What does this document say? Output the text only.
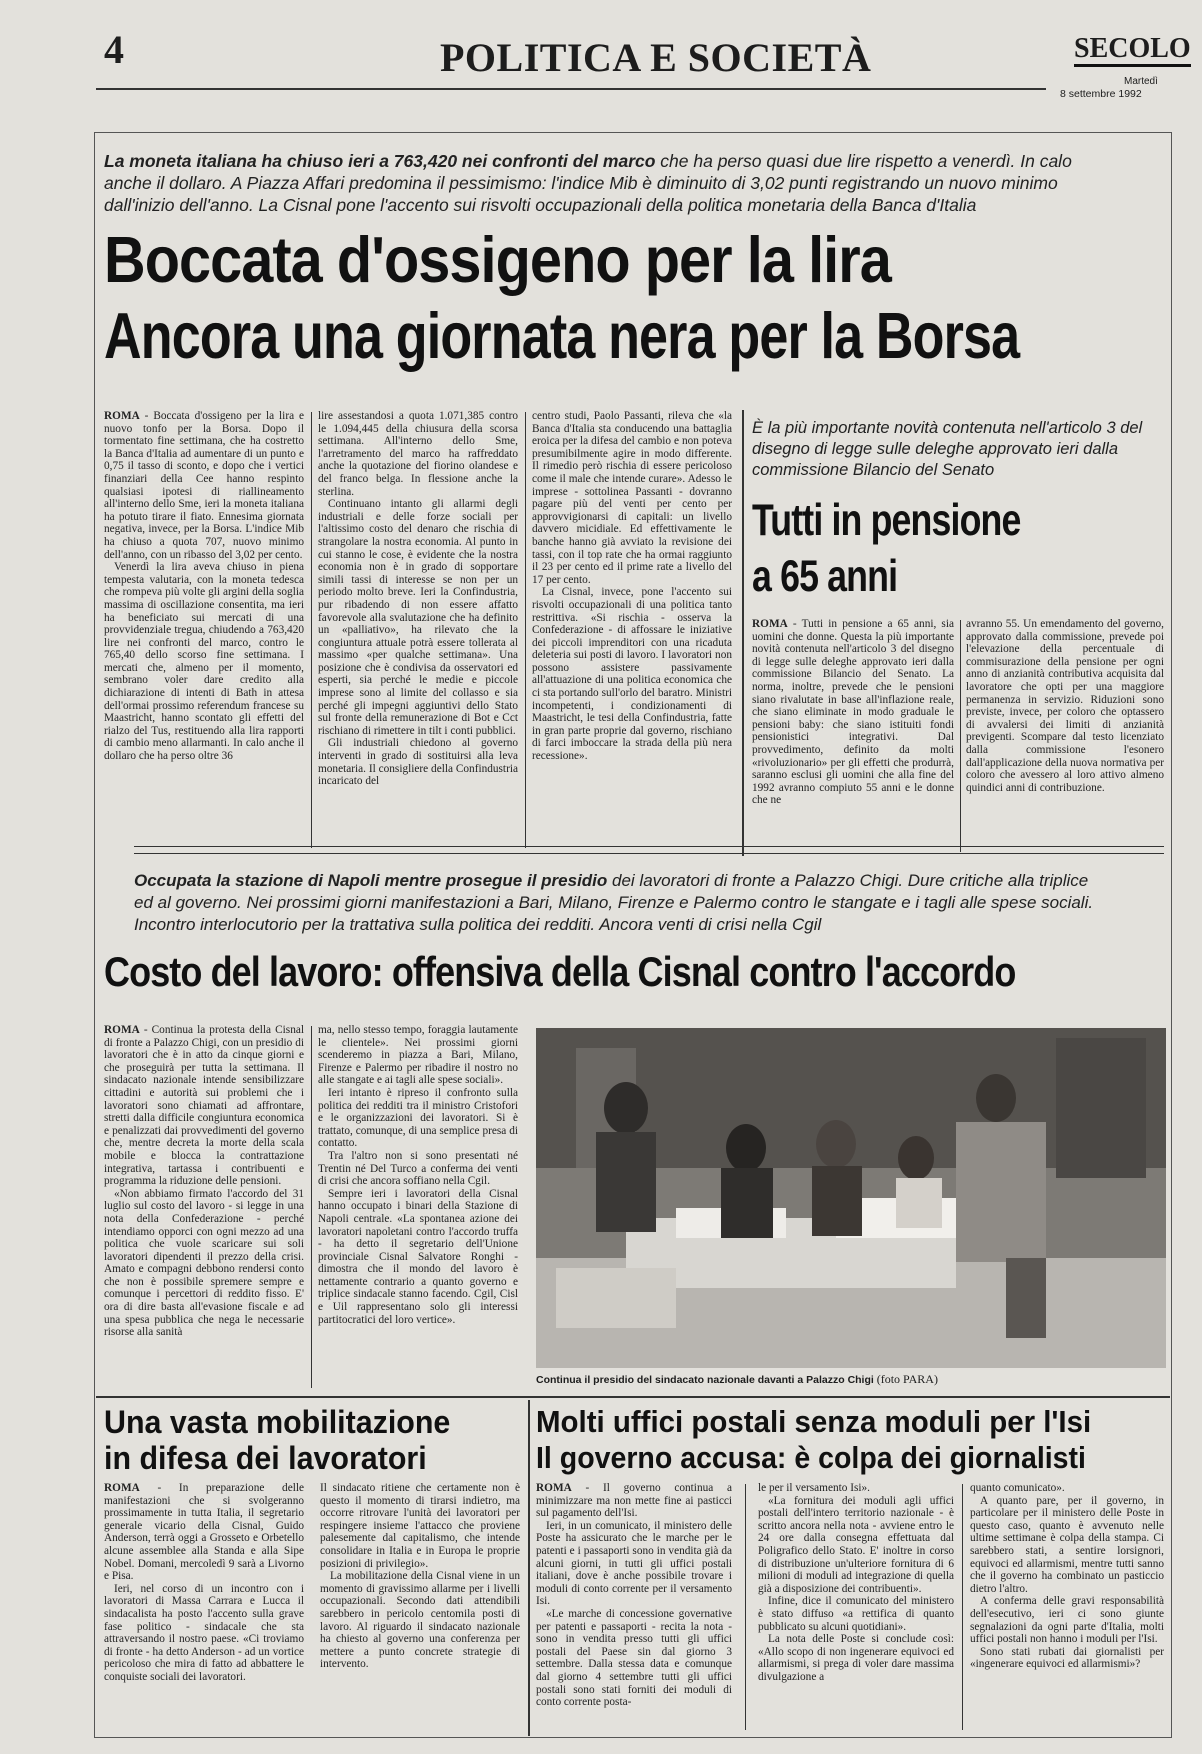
4	POLITICA E SOCIETÀ	SECOLO
Martedì
8 settembre 1992
La moneta italiana ha chiuso ieri a 763,420 nei confronti del marco che ha perso quasi due lire rispetto a venerdì. In calo anche il dollaro. A Piazza Affari predomina il pessimismo: l'indice Mib è diminuito di 3,02 punti registrando un nuovo minimo dall'inizio dell'anno. La Cisnal pone l'accento sui risvolti occupazionali della politica monetaria della Banca d'Italia
Boccata d'ossigeno per la lira
Ancora una giornata nera per la Borsa

ROMA - Boccata d'ossigeno per la lira e nuovo tonfo per la Borsa. Dopo il tormentato fine settimana, che ha costretto la Banca d'Italia ad aumentare di un punto e 0,75 il tasso di sconto, e dopo che i vertici finanziari della Cee hanno respinto qualsiasi ipotesi di riallineamento all'interno dello Sme, ieri la moneta italiana ha potuto tirare il fiato. Ennesima giornata negativa, invece, per la Borsa. L'indice Mib ha chiuso a quota 707, nuovo minimo dell'anno, con un ribasso del 3,02 per cento.

Venerdì la lira aveva chiuso in piena tempesta valutaria, con la moneta tedesca che rompeva più volte gli argini della soglia massima di oscillazione consentita, ma ieri ha beneficiato sui mercati di una provvidenziale tregua, chiudendo a 763,420 lire nei confronti del marco, contro le 765,40 dello scorso fine settimana. I mercati che, almeno per il momento, sembrano voler dare credito alla dichiarazione di intenti di Bath in attesa dell'ormai prossimo referendum francese su Maastricht, hanno scontato gli effetti del rialzo del Tus, restituendo alla lira rapporti di cambio meno allarmanti. In calo anche il dollaro che ha perso oltre 36

lire assestandosi a quota 1.071,385 contro le 1.094,445 della chiusura della scorsa settimana. All'interno dello Sme, l'arretramento del marco ha raffreddato anche la quotazione del fiorino olandese e del franco belga. In flessione anche la sterlina.

Continuano intanto gli allarmi degli industriali e delle forze sociali per l'altissimo costo del denaro che rischia di strangolare la nostra economia. Al punto in cui stanno le cose, è evidente che la nostra economia non è in grado di sopportare simili tassi di interesse se non per un periodo molto breve. Ieri la Confindustria, pur ribadendo di non essere affatto favorevole alla svalutazione che ha definito un «palliativo», ha rilevato che la congiuntura attuale potrà essere tollerata al massimo «per qualche settimana». Una posizione che è condivisa da osservatori ed esperti, sia perché le medie e piccole imprese sono al limite del collasso e sia perché gli impegni aggiuntivi dello Stato sul fronte della remunerazione di Bot e Cct rischiano di rimettere in tilt i conti pubblici.

Gli industriali chiedono al governo interventi in grado di sostituirsi alla leva monetaria. Il consigliere della Confindustria incaricato del

centro studi, Paolo Passanti, rileva che «la Banca d'Italia sta conducendo una battaglia eroica per la difesa del cambio e non poteva presumibilmente agire in modo differente. Il rimedio però rischia di essere pericoloso come il male che intende curare». Adesso le imprese - sottolinea Passanti - dovranno pagare più del venti per cento per approvvigionarsi di capitali: un livello davvero micidiale. Ed effettivamente le banche hanno già avviato la revisione dei tassi, con il top rate che ha ormai raggiunto il 23 per cento ed il prime rate a livello del 17 per cento.

La Cisnal, invece, pone l'accento sui risvolti occupazionali di una politica tanto restrittiva. «Si rischia - osserva la Confederazione - di affossare le iniziative dei piccoli imprenditori con una ricaduta deleteria sui posti di lavoro. I lavoratori non possono assistere passivamente all'attuazione di una politica economica che ci sta portando sull'orlo del baratro. Ministri incompetenti, i condizionamenti di Maastricht, le tesi della Confindustria, fatte in gran parte proprie dal governo, rischiano di farci imboccare la strada della più nera recessione».

È la più importante novità contenuta nell'articolo 3 del disegno di legge sulle deleghe approvato ieri dalla commissione Bilancio del Senato
Tutti in pensione
a 65 anni

ROMA - Tutti in pensione a 65 anni, sia uomini che donne. Questa la più importante novità contenuta nell'articolo 3 del disegno di legge sulle deleghe approvato ieri dalla commissione Bilancio del Senato. La norma, inoltre, prevede che le pensioni siano rivalutate in base all'inflazione reale, che siano eliminate in modo graduale le pensioni baby: che siano istituiti fondi pensionistici integrativi. Dal provvedimento, definito da molti «rivoluzionario» per gli effetti che produrrà, saranno esclusi gli uomini che alla fine del 1992 avranno compiuto 55 anni e le donne che ne

avranno 55. Un emendamento del governo, approvato dalla commissione, prevede poi l'elevazione della percentuale di commisurazione della pensione per ogni anno di anzianità contributiva acquisita dal lavoratore che opti per una maggiore permanenza in servizio. Riduzioni sono previste, invece, per coloro che optassero di avvalersi dei limiti di anzianità previgenti. Scompare dal testo licenziato dalla commissione l'esonero dall'applicazione della nuova normativa per coloro che avessero al loro attivo almeno quindici anni di contribuzione.

Occupata la stazione di Napoli mentre prosegue il presidio dei lavoratori di fronte a Palazzo Chigi. Dure critiche alla triplice ed al governo. Nei prossimi giorni manifestazioni a Bari, Milano, Firenze e Palermo contro le stangate e i tagli alle spese sociali. Incontro interlocutorio per la trattativa sulla politica dei redditi. Ancora venti di crisi nella Cgil
Costo del lavoro: offensiva della Cisnal contro l'accordo

ROMA - Continua la protesta della Cisnal di fronte a Palazzo Chigi, con un presidio di lavoratori che è in atto da cinque giorni e che proseguirà per tutta la settimana. Il sindacato nazionale intende sensibilizzare cittadini e autorità sui problemi che i lavoratori sono chiamati ad affrontare, stretti dalla difficile congiuntura economica e penalizzati dai provvedimenti del governo che, mentre decreta la morte della scala mobile e blocca la contrattazione integrativa, tartassa i contribuenti e programma la riduzione delle pensioni.

«Non abbiamo firmato l'accordo del 31 luglio sul costo del lavoro - si legge in una nota della Confederazione - perché intendiamo opporci con ogni mezzo ad una politica che vuole scaricare sui soli lavoratori dipendenti il prezzo della crisi. Amato e compagni debbono rendersi conto che non è possibile spremere sempre e comunque i percettori di reddito fisso. E' ora di dire basta all'evasione fiscale e ad una spesa pubblica che nega le necessarie risorse alla sanità

ma, nello stesso tempo, foraggia lautamente le clientele». Nei prossimi giorni scenderemo in piazza a Bari, Milano, Firenze e Palermo per ribadire il nostro no alle stangate e ai tagli alle spese sociali».

Ieri intanto è ripreso il confronto sulla politica dei redditi tra il ministro Cristofori e le organizzazioni dei lavoratori. Si è trattato, comunque, di una semplice presa di contatto.

Tra l'altro non si sono presentati né Trentin né Del Turco a conferma dei venti di crisi che ancora soffiano nella Cgil.

Sempre ieri i lavoratori della Cisnal hanno occupato i binari della Stazione di Napoli centrale. «La spontanea azione dei lavoratori napoletani contro l'accordo truffa - ha detto il segretario dell'Unione provinciale Cisnal Salvatore Ronghi - dimostra che il mondo del lavoro è nettamente contrario a quanto governo e triplice sindacale stanno facendo. Cgil, Cisl e Uil rappresentano solo gli interessi partitocratici del loro vertice».

Continua il presidio del sindacato nazionale davanti a Palazzo Chigi (foto PARA)
Una vasta mobilitazione
in difesa dei lavoratori

ROMA - In preparazione delle manifestazioni che si svolgeranno prossimamente in tutta Italia, il segretario generale vicario della Cisnal, Guido Anderson, terrà oggi a Grosseto e Orbetello alcune assemblee alla Standa e alla Sipe Nobel. Domani, mercoledì 9 sarà a Livorno e Pisa.

Ieri, nel corso di un incontro con i lavoratori di Massa Carrara e Lucca il sindacalista ha posto l'accento sulla grave fase politico - sindacale che sta attraversando il nostro paese. «Ci troviamo di fronte - ha detto Anderson - ad un vortice pericoloso che mira di fatto ad abbattere le conquiste sociali dei lavoratori.

Il sindacato ritiene che certamente non è questo il momento di tirarsi indietro, ma occorre ritrovare l'unità dei lavoratori per respingere insieme l'attacco che proviene palesemente dal capitalismo, che intende consolidare in Italia e in Europa le proprie posizioni di privilegio».

La mobilitazione della Cisnal viene in un momento di gravissimo allarme per i livelli occupazionali. Secondo dati attendibili sarebbero in pericolo centomila posti di lavoro. Al riguardo il sindacato nazionale ha chiesto al governo una conferenza per mettere a punto concrete strategie di intervento.

Molti uffici postali senza moduli per l'Isi
Il governo accusa: è colpa dei giornalisti

ROMA - Il governo continua a minimizzare ma non mette fine ai pasticci sul pagamento dell'Isi.

Ieri, in un comunicato, il ministero delle Poste ha assicurato che le marche per le patenti e i passaporti sono in vendita già da alcuni giorni, in tutti gli uffici postali italiani, dove è anche possibile trovare i moduli di conto corrente per il versamento Isi.

«Le marche di concessione governative per patenti e passaporti - recita la nota - sono in vendita presso tutti gli uffici postali del Paese sin dal giorno 3 settembre. Dalla stessa data e comunque dal giorno 4 settembre tutti gli uffici postali sono stati forniti dei moduli di conto corrente posta-

le per il versamento Isi».

«La fornitura dei moduli agli uffici postali dell'intero territorio nazionale - è scritto ancora nella nota - avviene entro le 24 ore dalla consegna effettuata dal Poligrafico dello Stato. E' inoltre in corso di distribuzione un'ulteriore fornitura di 6 milioni di moduli ad integrazione di quella già a disposizione dei contribuenti».

Infine, dice il comunicato del ministero è stato diffuso «a rettifica di quanto pubblicato su alcuni quotidiani».

La nota delle Poste si conclude così: «Allo scopo di non ingenerare equivoci ed allarmismi, si prega di voler dare massima divulgazione a

quanto comunicato».

A quanto pare, per il governo, in particolare per il ministero delle Poste in questo caso, quanto è avvenuto nelle ultime settimane è colpa della stampa. Ci sarebbero stati, a sentire lorsignori, equivoci ed allarmismi, mentre tutti sanno che il governo ha combinato un pasticcio dietro l'altro.

A conferma delle gravi responsabilità dell'esecutivo, ieri ci sono giunte segnalazioni da ogni parte d'Italia, molti uffici postali non hanno i moduli per l'Isi.

Sono stati rubati dai giornalisti per «ingenerare equivoci ed allarmismi»?
